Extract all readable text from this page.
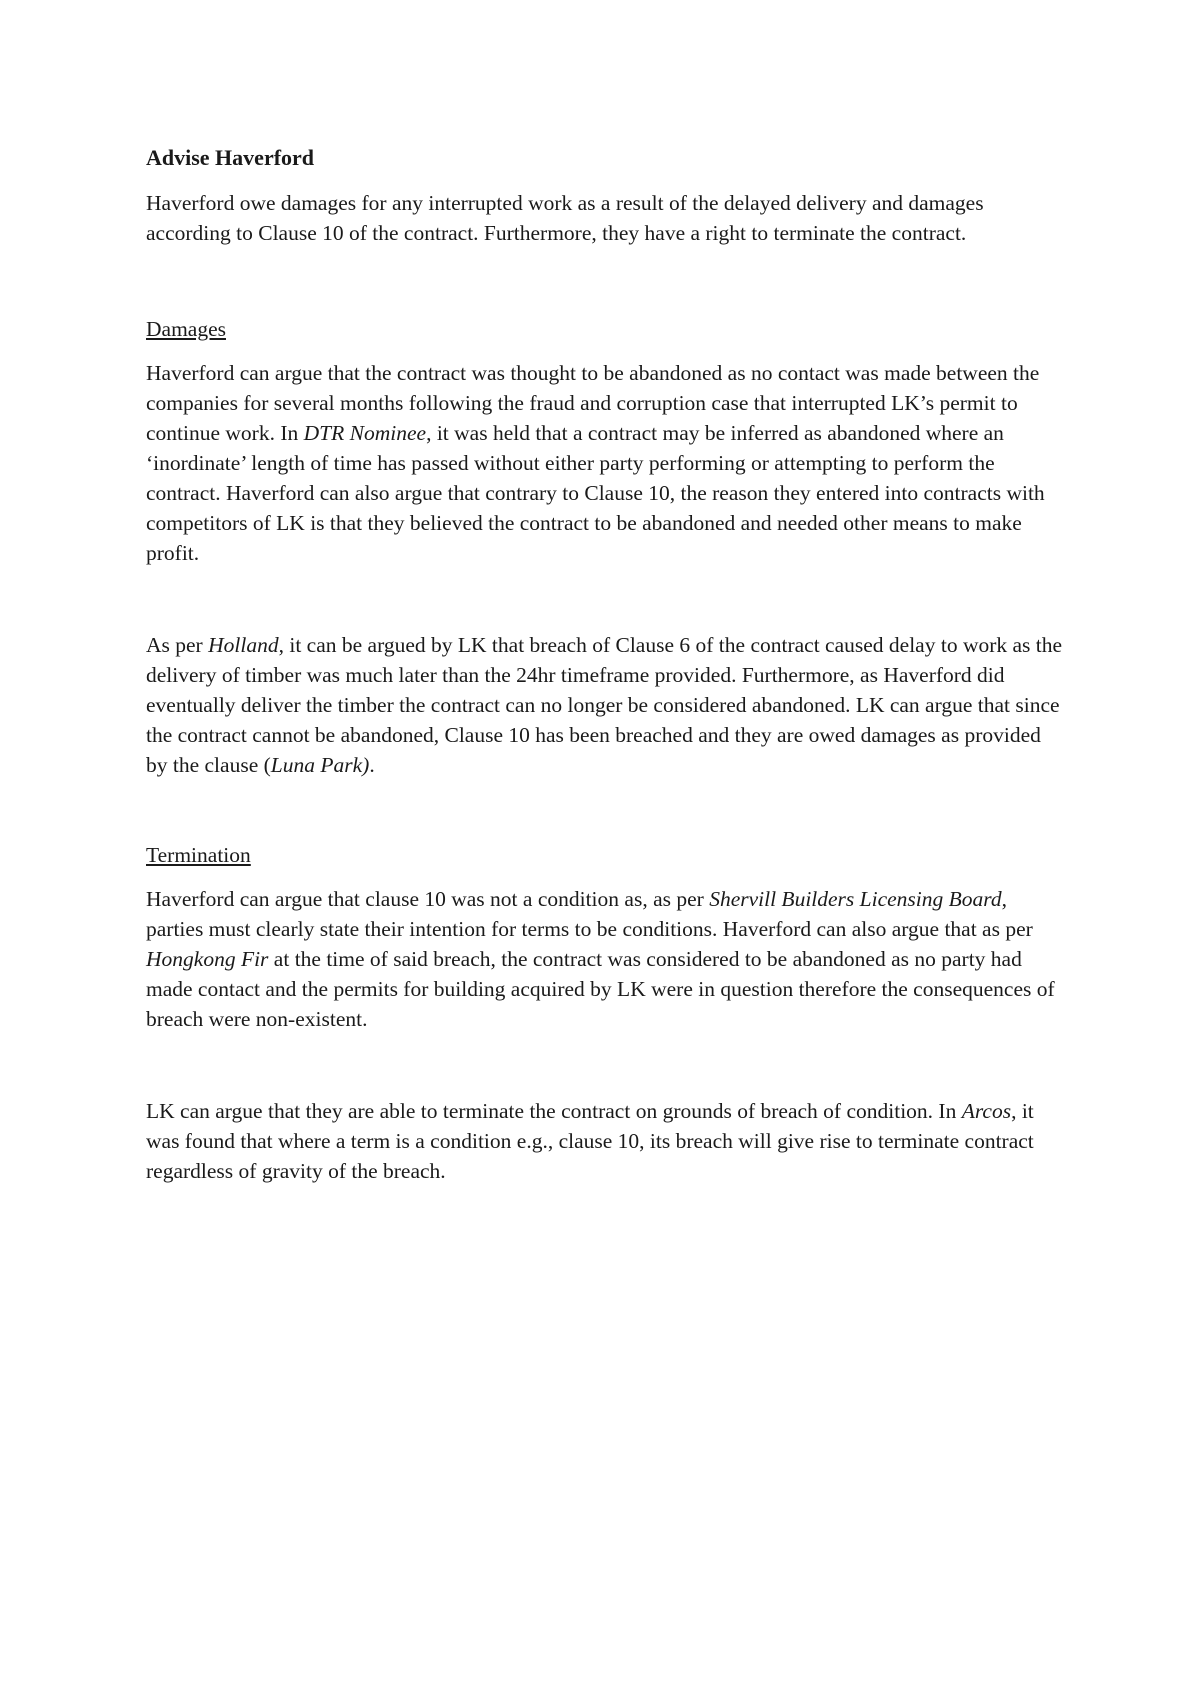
Advise Haverford

Haverford owe damages for any interrupted work as a result of the delayed delivery and damages according to Clause 10 of the contract. Furthermore, they have a right to terminate the contract.

Damages

Haverford can argue that the contract was thought to be abandoned as no contact was made between the companies for several months following the fraud and corruption case that interrupted LK’s permit to continue work. In DTR Nominee, it was held that a contract may be inferred as abandoned where an ‘inordinate’ length of time has passed without either party performing or attempting to perform the contract. Haverford can also argue that contrary to Clause 10, the reason they entered into contracts with competitors of LK is that they believed the contract to be abandoned and needed other means to make profit.

As per Holland, it can be argued by LK that breach of Clause 6 of the contract caused delay to work as the delivery of timber was much later than the 24hr timeframe provided. Furthermore, as Haverford did eventually deliver the timber the contract can no longer be considered abandoned. LK can argue that since the contract cannot be abandoned, Clause 10 has been breached and they are owed damages as provided by the clause (Luna Park).

Termination

Haverford can argue that clause 10 was not a condition as, as per Shervill Builders Licensing Board, parties must clearly state their intention for terms to be conditions. Haverford can also argue that as per Hongkong Fir at the time of said breach, the contract was considered to be abandoned as no party had made contact and the permits for building acquired by LK were in question therefore the consequences of breach were non-existent.

LK can argue that they are able to terminate the contract on grounds of breach of condition. In Arcos, it was found that where a term is a condition e.g., clause 10, its breach will give rise to terminate contract regardless of gravity of the breach.
